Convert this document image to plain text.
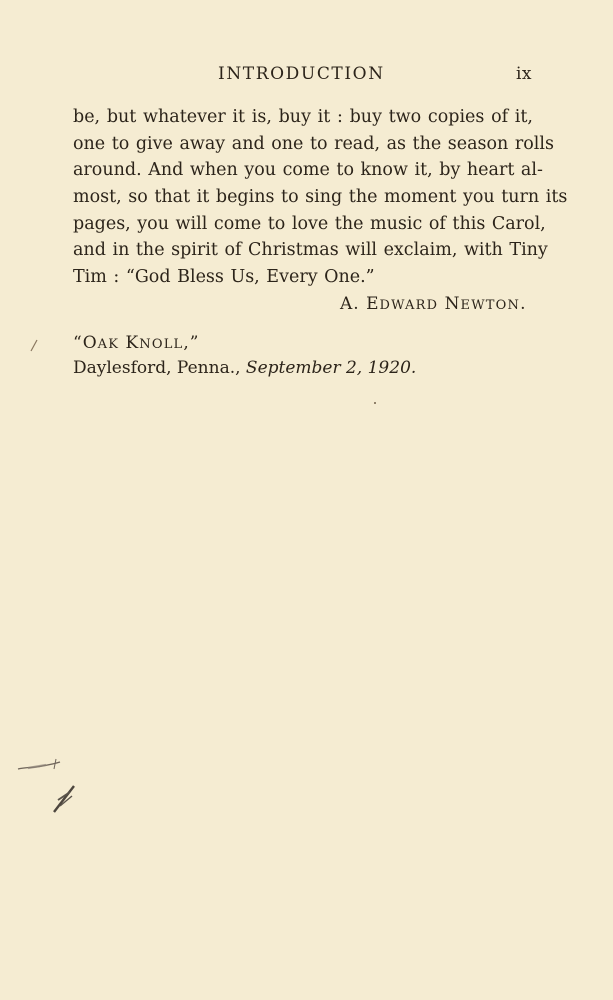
INTRODUCTION	ix
be, but whatever it is, buy it : buy two copies of it,
one to give away and one to read, as the season rolls
around. And when you come to know it, by heart al-
most, so that it begins to sing the moment you turn its
pages, you will come to love the music of this Carol,
and in the spirit of Christmas will exclaim, with Tiny
Tim : “God Bless Us, Every One.”
A. EDWARD NEWTON.
“OAK KNOLL,”
Daylesford, Penna., September 2, 1920.
